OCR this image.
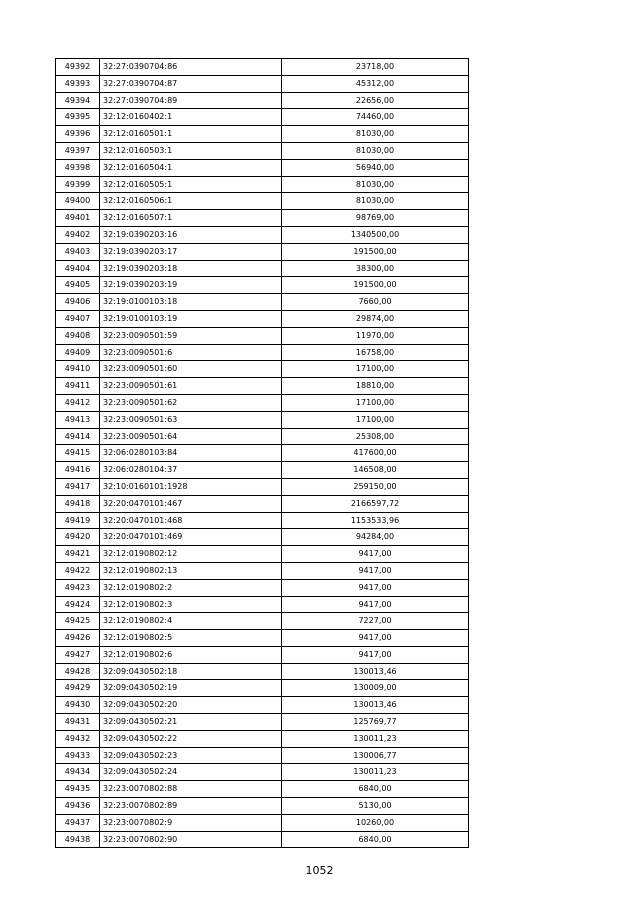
49392	32:27:0390704:86	23718,00
49393	32:27:0390704:87	45312,00
49394	32:27:0390704:89	22656,00
49395	32:12:0160402:1	74460,00
49396	32:12:0160501:1	81030,00
49397	32:12:0160503:1	81030,00
49398	32:12:0160504:1	56940,00
49399	32:12:0160505:1	81030,00
49400	32:12:0160506:1	81030,00
49401	32:12:0160507:1	98769,00
49402	32:19:0390203:16	1340500,00
49403	32:19:0390203:17	191500,00
49404	32:19:0390203:18	38300,00
49405	32:19:0390203:19	191500,00
49406	32:19:0100103:18	7660,00
49407	32:19:0100103:19	29874,00
49408	32:23:0090501:59	11970,00
49409	32:23:0090501:6	16758,00
49410	32:23:0090501:60	17100,00
49411	32:23:0090501:61	18810,00
49412	32:23:0090501:62	17100,00
49413	32:23:0090501:63	17100,00
49414	32:23:0090501:64	25308,00
49415	32:06:0280103:84	417600,00
49416	32:06:0280104:37	146508,00
49417	32:10:0160101:1928	259150,00
49418	32:20:0470101:467	2166597,72
49419	32:20:0470101:468	1153533,96
49420	32:20:0470101:469	94284,00
49421	32:12:0190802:12	9417,00
49422	32:12:0190802:13	9417,00
49423	32:12:0190802:2	9417,00
49424	32:12:0190802:3	9417,00
49425	32:12:0190802:4	7227,00
49426	32:12:0190802:5	9417,00
49427	32:12:0190802:6	9417,00
49428	32:09:0430502:18	130013,46
49429	32:09:0430502:19	130009,00
49430	32:09:0430502:20	130013,46
49431	32:09:0430502:21	125769,77
49432	32:09:0430502:22	130011,23
49433	32:09:0430502:23	130006,77
49434	32:09:0430502:24	130011,23
49435	32:23:0070802:88	6840,00
49436	32:23:0070802:89	5130,00
49437	32:23:0070802:9	10260,00
49438	32:23:0070802:90	6840,00
1052
